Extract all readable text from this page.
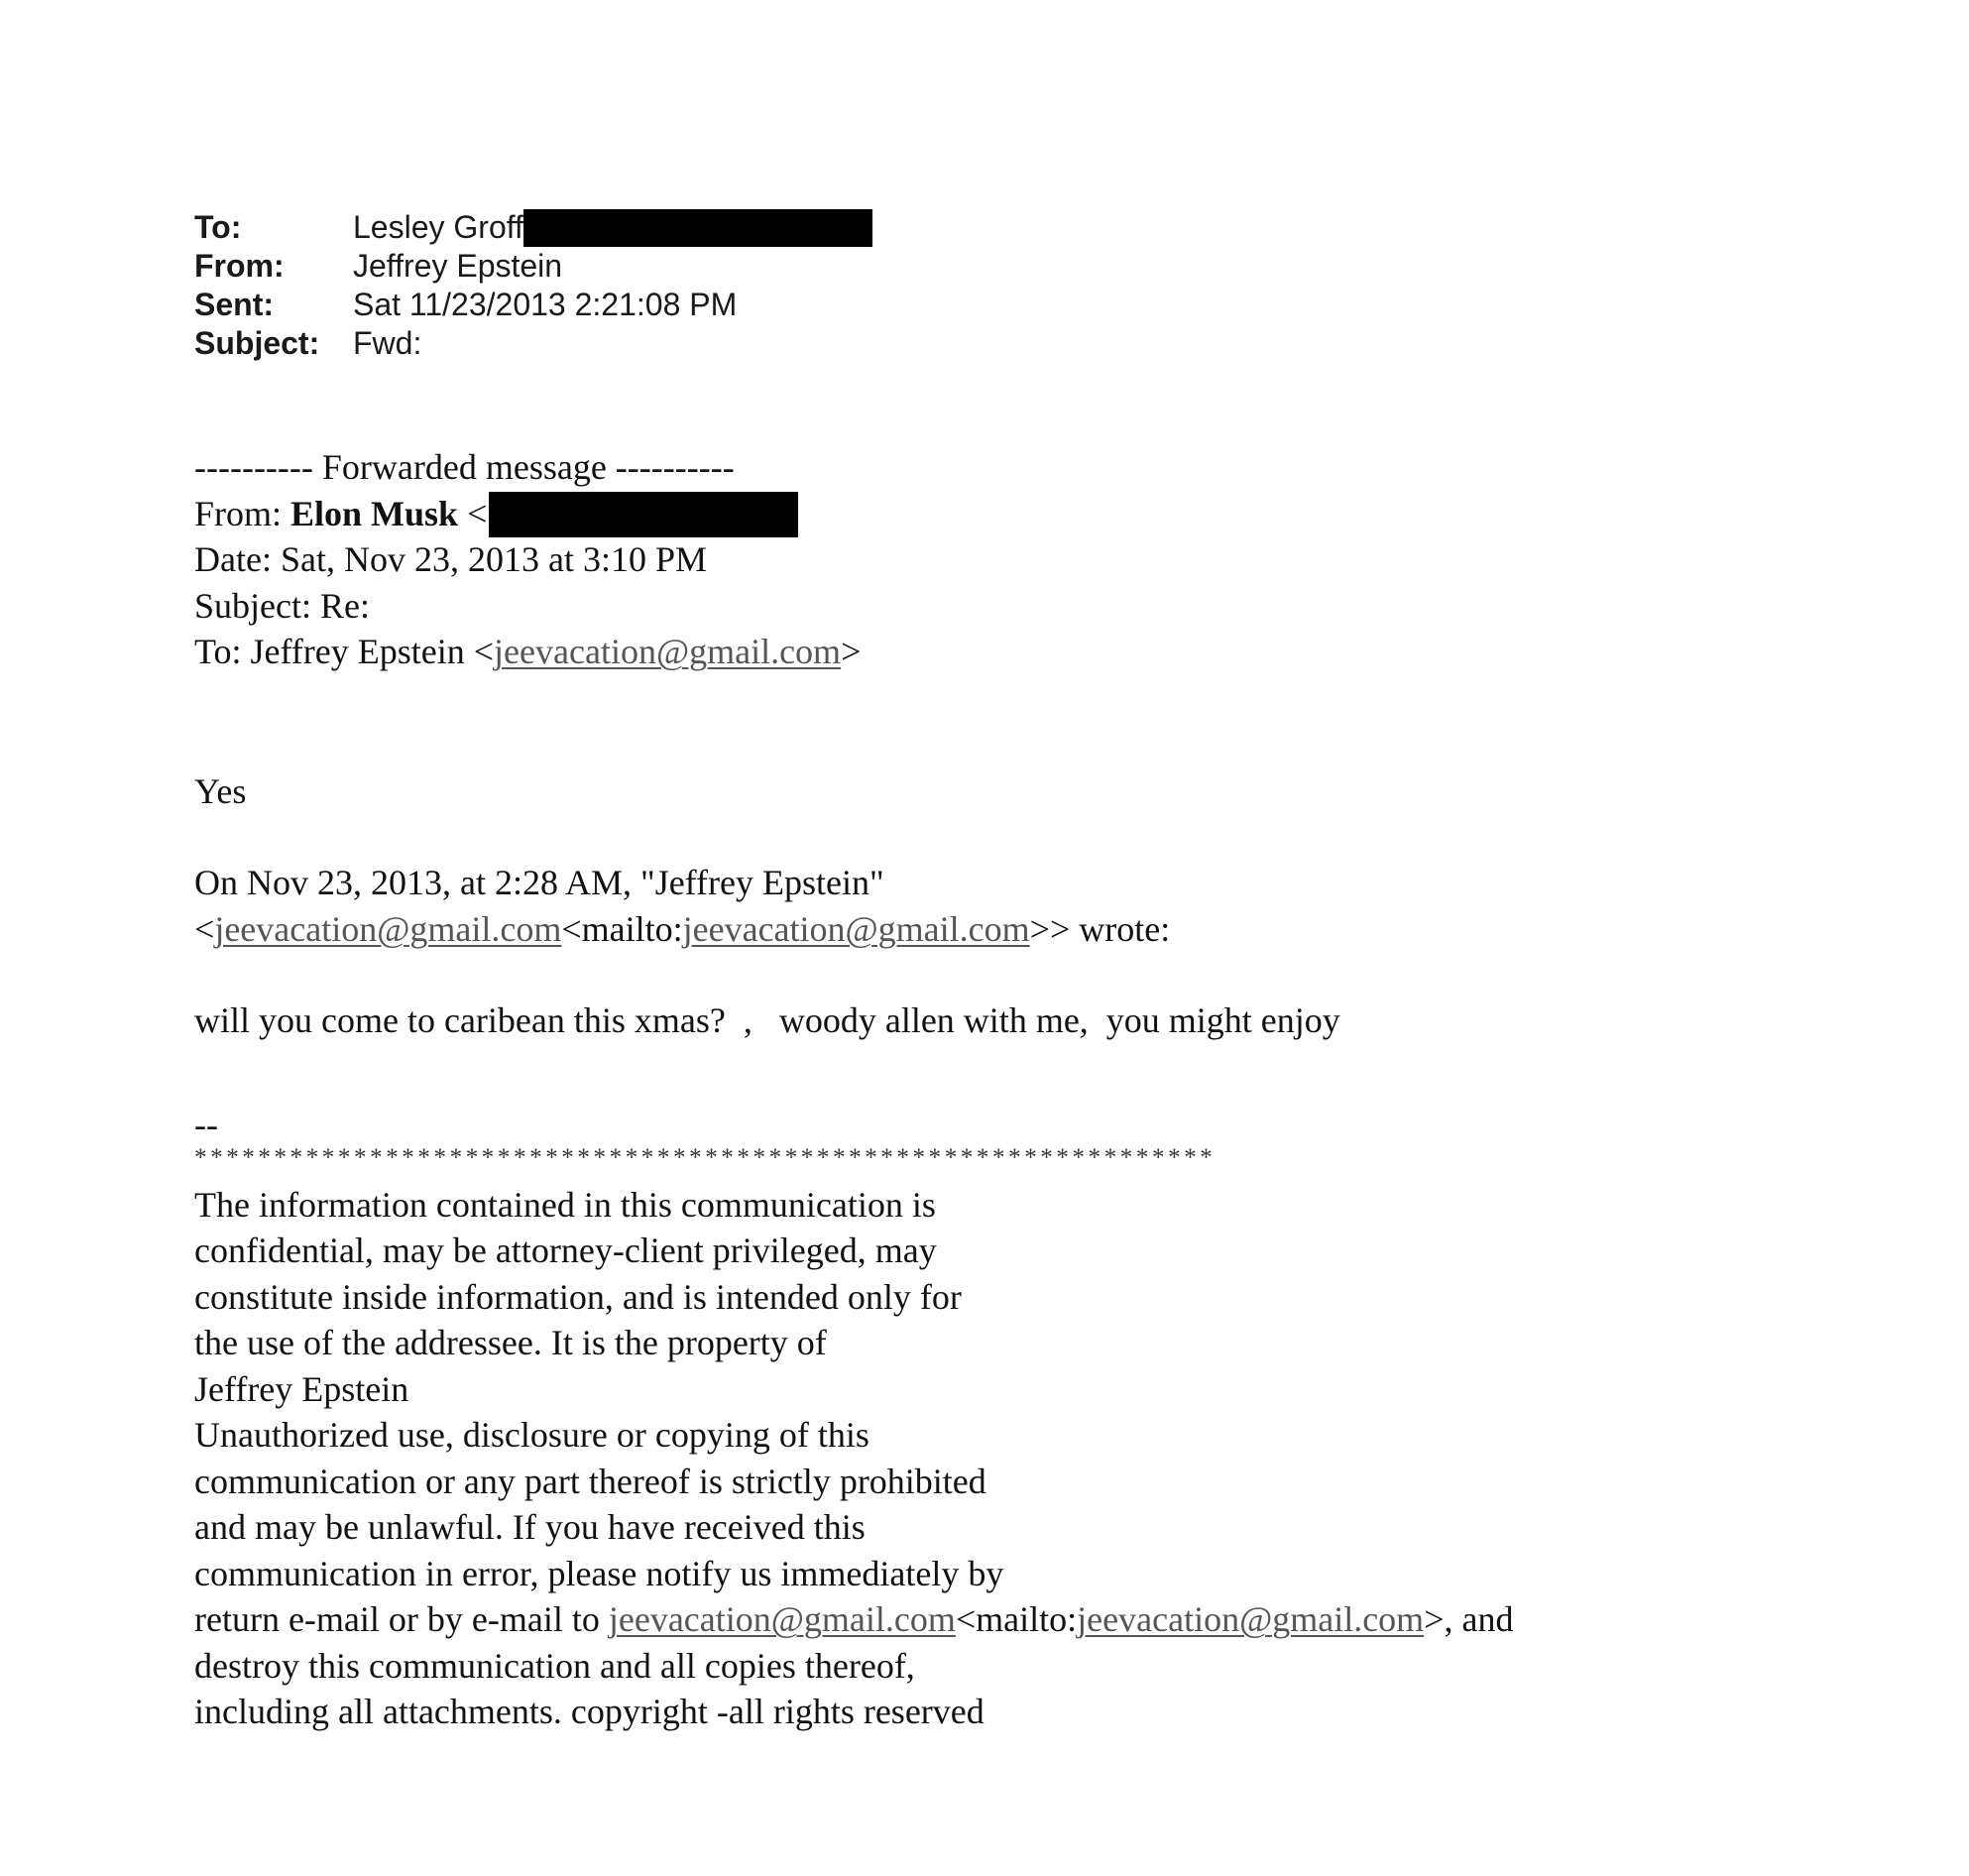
To:	Lesley Groff
From:	Jeffrey Epstein
Sent:	Sat 11/23/2013 2:21:08 PM
Subject:	Fwd:
---------- Forwarded message ----------
From: Elon Musk <
Date: Sat, Nov 23, 2013 at 3:10 PM
Subject: Re:
To: Jeffrey Epstein <jeevacation@gmail.com>
Yes
On Nov 23, 2013, at 2:28 AM, "Jeffrey Epstein"
<jeevacation@gmail.com<mailto:jeevacation@gmail.com>> wrote:
will you come to caribean this xmas?  ,   woody allen with me,  you might enjoy
--
****************************************************************
The information contained in this communication is
confidential, may be attorney-client privileged, may
constitute inside information, and is intended only for
the use of the addressee. It is the property of
Jeffrey Epstein
Unauthorized use, disclosure or copying of this
communication or any part thereof is strictly prohibited
and may be unlawful. If you have received this
communication in error, please notify us immediately by
return e-mail or by e-mail to jeevacation@gmail.com<mailto:jeevacation@gmail.com>, and
destroy this communication and all copies thereof,
including all attachments. copyright -all rights reserved
